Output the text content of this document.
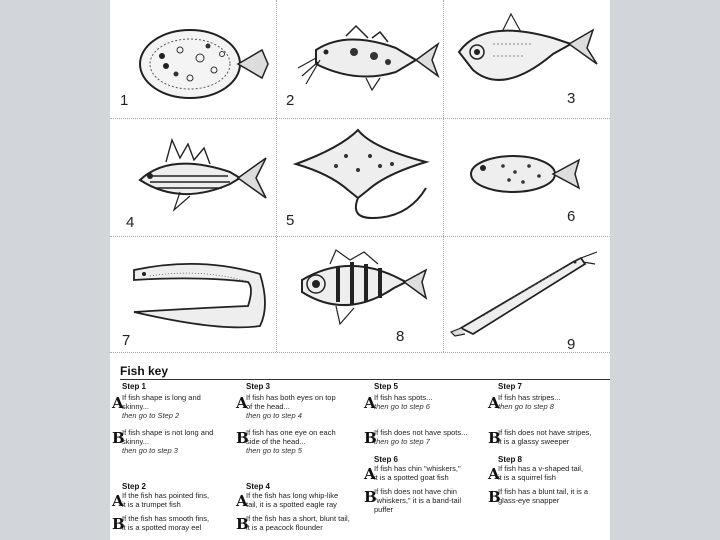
1	2	3
4	5	6
7	8	9
Fish key
Step 1
If fish shape is long and
skinny...
then go to Step 2
A
If fish shape is not long and
skinny...
then go to step 3
B
Step 3
If fish has both eyes on top
of the head...
then go to step 4
A
If fish has one eye on each
side of the head...
then go to step 5
B
Step 5
If fish has spots...
then go to step 6
A
If fish does not have spots...
then go to step 7
B
Step 7
If fish has stripes...
then go to step 8
A
If fish does not have stripes,
it is a glassy sweeper
B
Step 2
If the fish has pointed fins,
it is a trumpet fish
A
If the fish has smooth fins,
it is a spotted moray eel
B
Step 4
If the fish has long whip-like
tail, it is a spotted eagle ray
A
If the fish has a short, blunt tail,
it is a peacock flounder
B
Step 6
If fish has chin "whiskers,"
it is a spotted goat fish
A
If fish does not have chin
"whiskers," it is a band-tail
puffer
B
Step 8
If fish has a v-shaped tail,
it is a squirrel fish
A
If fish has a blunt tail, it is a
glass-eye snapper
B
